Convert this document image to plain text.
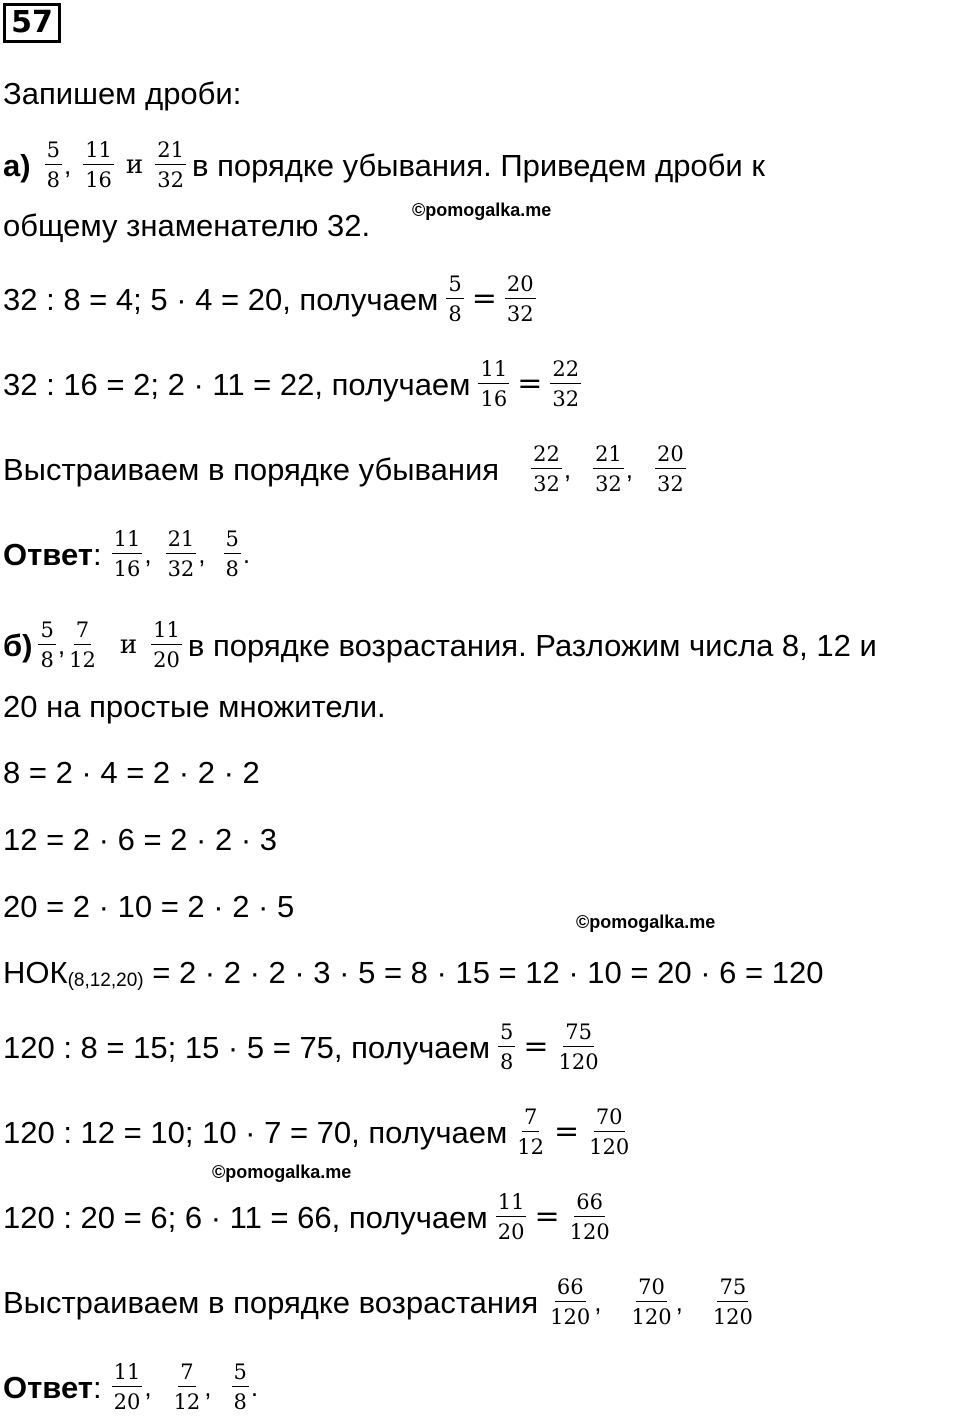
57
Запишем дроби:
$а) \frac{5}{8}$ , $\frac{11}{16}$ и $\frac{21}{32}$ в порядке убывания. Приведем дроби к
общему знаменателю 32. ©pomogalka.me
32 : 8 = 4; 5 · 4 = 20, получаем $\frac{5}{8} = \frac{20}{32}$
32 : 16 = 2; 2 · 11 = 22, получаем $\frac{11}{16} = \frac{22}{32}$
Выстраиваем в порядке убывания $\frac{22}{32}$ , $\frac{21}{32}$ , $\frac{20}{32}$
Ответ : $\frac{11}{16}$ , $\frac{21}{32}$ , $\frac{5}{8}$ .
$б) \frac{5}{8}$ , $\frac{7}{12}$ и $\frac{11}{20}$ в порядке возрастания. Разложим числа 8, 12 и
20 на простые множители.
8 = 2 · 4 = 2 · 2 · 2
12 = 2 · 6 = 2 · 2 · 3
20 = 2 · 10 = 2 · 2 · 5	©pomogalka.me
НОК (8,12,20) = 2 · 2 · 2 · 3 · 5 = 8 · 15 = 12 · 10 = 20 · 6 = 120
120 : 8 = 15; 15 · 5 = 75, получаем $\frac{5}{8} = \frac{75}{120}$
120 : 12 = 10; 10 · 7 = 70, получаем $\frac{7}{12} = \frac{70}{120}$
©pomogalka.me
120 : 20 = 6; 6 · 11 = 66, получаем $\frac{11}{20} = \frac{66}{120}$
Выстраиваем в порядке возрастания $\frac{66}{120}$ , $\frac{70}{120}$ , $\frac{75}{120}$
Ответ : $\frac{11}{20}$ , $\frac{7}{12}$ , $\frac{5}{8}$ .
